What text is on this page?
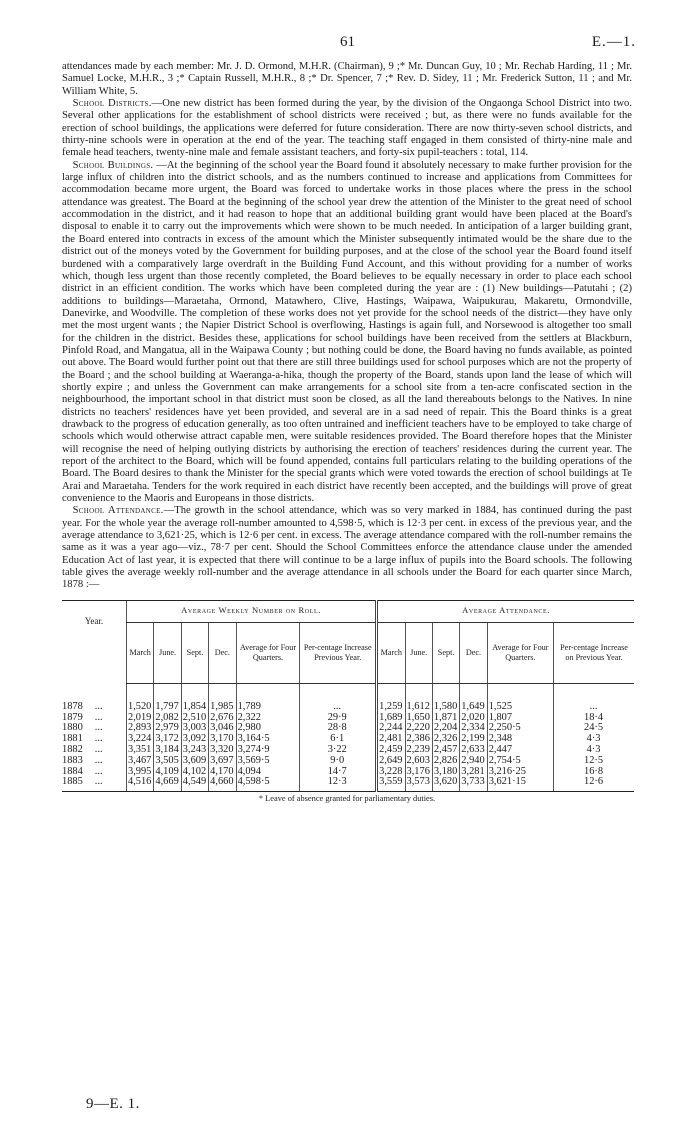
61	E.—1.

attendances made by each member: Mr. J. D. Ormond, M.H.R. (Chairman), 9 ;* Mr. Duncan Guy, 10 ; Mr. Rechab Harding, 11 ; Mr. Samuel Locke, M.H.R., 3 ;* Captain Russell, M.H.R., 8 ;* Dr. Spencer, 7 ;* Rev. D. Sidey, 11 ; Mr. Frederick Sutton, 11 ; and Mr. William White, 5.

 School Districts.—One new district has been formed during the year, by the division of the Ongaonga School District into two. Several other applications for the establishment of school districts were received ; but, as there were no funds available for the erection of school buildings, the applications were deferred for future consideration. There are now thirty-seven school districts, and thirty-nine schools were in operation at the end of the year. The teaching staff engaged in them consisted of thirty-nine male and female head teachers, twenty-nine male and female assistant teachers, and forty-six pupil-teachers : total, 114.

 School Buildings. —At the beginning of the school year the Board found it absolutely necessary to make further provision for the large influx of children into the district schools, and as the numbers continued to increase and applications from Committees for accommodation became more urgent, the Board was forced to undertake works in those places where the press in the school attendance was greatest. The Board at the beginning of the school year drew the attention of the Minister to the great need of school accommodation in the district, and it had reason to hope that an additional building grant would have been placed at the Board's disposal to enable it to carry out the improvements which were shown to be much needed. In anticipation of a larger building grant, the Board entered into contracts in excess of the amount which the Minister subsequently intimated would be the share due to the district out of the moneys voted by the Government for building purposes, and at the close of the school year the Board found itself burdened with a comparatively large overdraft in the Building Fund Account, and this without providing for a number of works which, though less urgent than those recently completed, the Board believes to be equally necessary in order to place each school district in an efficient condition. The works which have been completed during the year are : (1) New buildings—Patutahi ; (2) additions to buildings—Maraetaha, Ormond, Matawhero, Clive, Hastings, Waipawa, Waipukurau, Makaretu, Ormondville, Danevirke, and Woodville. The completion of these works does not yet provide for the school needs of the district—they have only met the most urgent wants ; the Napier District School is overflowing, Hastings is again full, and Norsewood is altogether too small for the children in the district. Besides these, applications for school buildings have been received from the settlers at Blackburn, Pinfold Road, and Mangatua, all in the Waipawa County ; but nothing could be done, the Board having no funds available, as pointed out above. The Board would further point out that there are still three buildings used for school purposes which are not the property of the Board ; and the school building at Waeranga-a-hika, though the property of the Board, stands upon land the lease of which will shortly expire ; and unless the Government can make arrangements for a school site from a ten-acre confiscated section in the neighbourhood, the important school in that district must soon be closed, as all the land thereabouts belongs to the Natives. In nine districts no teachers' residences have yet been provided, and several are in a sad need of repair. This the Board thinks is a great drawback to the progress of education generally, as too often untrained and inefficient teachers have to be employed to take charge of schools which would otherwise attract capable men, were suitable residences provided. The Board therefore hopes that the Minister will recognise the need of helping outlying districts by authorising the erection of teachers' residences during the current year. The report of the architect to the Board, which will be found appended, contains full particulars relating to the building operations of the Board. The Board desires to thank the Minister for the special grants which were voted towards the erection of school buildings at Te Arai and Maraetaha. Tenders for the work required in each district have recently been accepted, and the buildings will prove of great convenience to the Maoris and Europeans in those districts.

 School Attendance.—The growth in the school attendance, which was so very marked in 1884, has continued during the past year. For the whole year the average roll-number amounted to 4,598·5, which is 12·3 per cent. in excess of the previous year, and the average attendance to 3,621·25, which is 12·6 per cent. in excess. The average attendance compared with the roll-number remains the same as it was a year ago—viz., 78·7 per cent. Should the School Committees enforce the attendance clause under the amended Education Act of last year, it is expected that there will continue to be a large influx of pupils into the Board schools. The following table gives the average weekly roll-number and the average attendance in all schools under the Board for each quarter since March, 1878 :—

Year.	Average Weekly Number on Roll.						Average Attendance.					
	March	June.	Sept.	Dec.	Average for Four Quarters.	Per-centage Increase Previous Year.	March	June.	Sept.	Dec.	Average for Four Quarters.	Per-centage Increase on Previous Year.
1878 ...	1,520	1,797	1,854	1,985	1,789	...	1,259	1,612	1,580	1,649	1,525	...
1879 ...	2,019	2,082	2,510	2,676	2,322	29·9	1,689	1,650	1,871	2,020	1,807	18·4
1880 ...	2,893	2,979	3,003	3,046	2,980	28·8	2,244	2,220	2,204	2,334	2,250·5	24·5
1881 ...	3,224	3,172	3,092	3,170	3,164·5	6·1	2,481	2,386	2,326	2,199	2,348	4·3
1882 ...	3,351	3,184	3,243	3,320	3,274·9	3·22	2,459	2,239	2,457	2,633	2,447	4·3
1883 ...	3,467	3,505	3,609	3,697	3,569·5	9·0	2,649	2,603	2,826	2,940	2,754·5	12·5
1884 ...	3,995	4,109	4,102	4,170	4,094	14·7	3,228	3,176	3,180	3,281	3,216·25	16·8
1885 ...	4,516	4,669	4,549	4,660	4,598·5	12·3	3,559	3,573	3,620	3,733	3,621·15	12·6
* Leave of absence granted for parliamentary duties.
9—E. 1.
